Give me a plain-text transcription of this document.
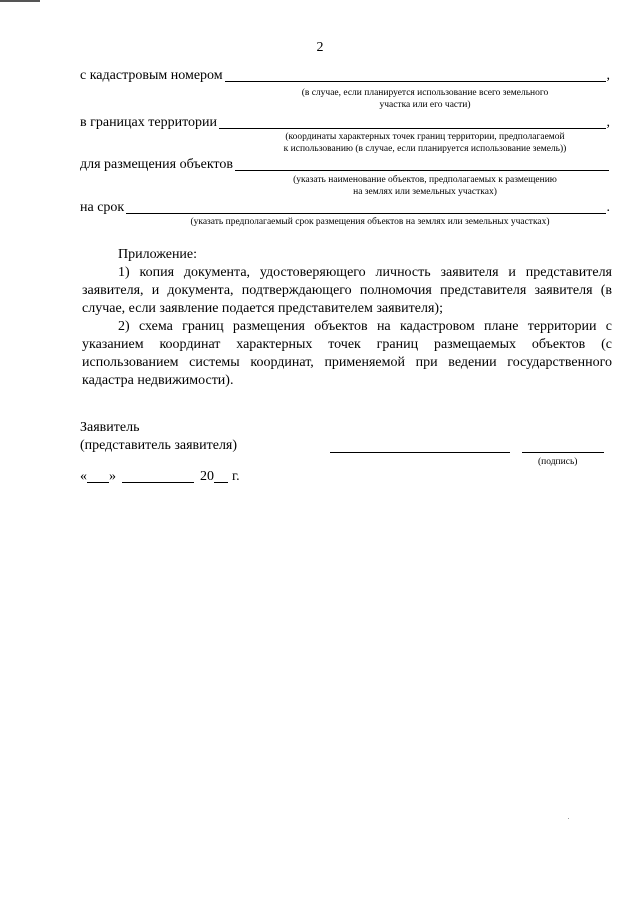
2
с кадастровым номером	,
(в случае, если планируется использование всего земельного
участка или его части)
в границах территории	,
(координаты характерных точек границ территории, предполагаемой
к использованию (в случае, если планируется использование земель))
для размещения объектов
(указать наименование объектов, предполагаемых к размещению
на землях или земельных участках)
на срок	.
(указать предполагаемый срок размещения объектов на землях или земельных участках)

Приложение:

1) копия документа, удостоверяющего личность заявителя и представителя заявителя, и документа, подтверждающего полномочия представителя заявителя (в случае, если заявление подается представителем заявителя);

2) схема границ размещения объектов на кадастровом плане территории с указанием координат характерных точек границ размещаемых объектов (с использованием системы координат, применяемой при ведении государственного кадастра недвижимости).

Заявитель
(представитель заявителя)
(подпись)
« »	20 г.
